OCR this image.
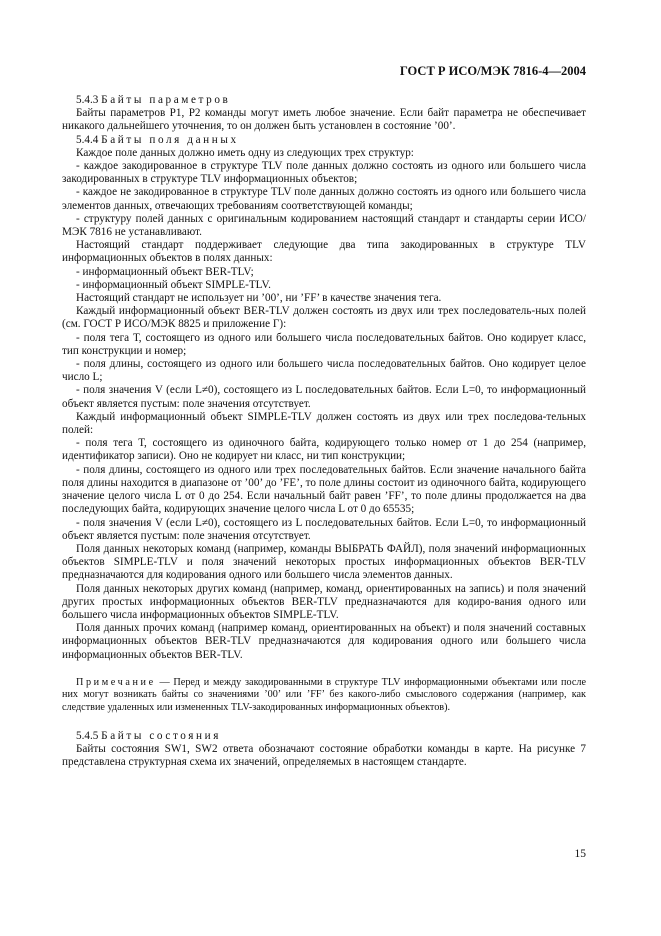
ГОСТ Р ИСО/МЭК 7816-4—2004

5.4.3 Байты параметров

Байты параметров P1, P2 команды могут иметь любое значение. Если байт параметра не обеспечивает никакого дальнейшего уточнения, то он должен быть установлен в состояние ’00’.

5.4.4 Байты поля данных

Каждое поле данных должно иметь одну из следующих трех структур:

- каждое закодированное в структуре TLV поле данных должно состоять из одного или большего числа закодированных в структуре TLV информационных объектов;

- каждое не закодированное в структуре TLV поле данных должно состоять из одного или большего числа элементов данных, отвечающих требованиям соответствующей команды;

- структуру полей данных с оригинальным кодированием настоящий стандарт и стандарты серии ИСО/МЭК 7816 не устанавливают.

Настоящий стандарт поддерживает следующие два типа закодированных в структуре TLV информационных объектов в полях данных:

- информационный объект BER-TLV;

- информационный объект SIMPLE-TLV.

Настоящий стандарт не использует ни ’00’, ни ’FF’ в качестве значения тега.

Каждый информационный объект BER-TLV должен состоять из двух или трех последователь-ных полей (см. ГОСТ Р ИСО/МЭК 8825 и приложение Г):

- поля тега Т, состоящего из одного или большего числа последовательных байтов. Оно кодирует класс, тип конструкции и номер;

- поля длины, состоящего из одного или большего числа последовательных байтов. Оно кодирует целое число L;

- поля значения V (если L≠0), состоящего из L последовательных байтов. Если L=0, то информационный объект является пустым: поле значения отсутствует.

Каждый информационный объект SIMPLE-TLV должен состоять из двух или трех последова-тельных полей:

- поля тега Т, состоящего из одиночного байта, кодирующего только номер от 1 до 254 (например, идентификатор записи). Оно не кодирует ни класс, ни тип конструкции;

- поля длины, состоящего из одного или трех последовательных байтов. Если значение начального байта поля длины находится в диапазоне от ’00’ до ’FE’, то поле длины состоит из одиночного байта, кодирующего значение целого числа L от 0 до 254. Если начальный байт равен ’FF’, то поле длины продолжается на два последующих байта, кодирующих значение целого числа L от 0 до 65535;

- поля значения V (если L≠0), состоящего из L последовательных байтов. Если L=0, то информационный объект является пустым: поле значения отсутствует.

Поля данных некоторых команд (например, команды ВЫБРАТЬ ФАЙЛ), поля значений информационных объектов SIMPLE-TLV и поля значений некоторых простых информационных объектов BER-TLV предназначаются для кодирования одного или большего числа элементов данных.

Поля данных некоторых других команд (например, команд, ориентированных на запись) и поля значений других простых информационных объектов BER-TLV предназначаются для кодиро-вания одного или большего числа информационных объектов SIMPLE-TLV.

Поля данных прочих команд (например команд, ориентированных на объект) и поля значений составных информационных объектов BER-TLV предназначаются для кодирования одного или большего числа информационных объектов BER-TLV.

Примечание — Перед и между закодированными в структуре TLV информационными объектами или после них могут возникать байты со значениями ’00’ или ’FF’ без какого-либо смыслового содержания (например, как следствие удаленных или измененных TLV-закодированных информационных объектов).

5.4.5 Байты состояния

Байты состояния SW1, SW2 ответа обозначают состояние обработки команды в карте. На рисунке 7 представлена структурная схема их значений, определяемых в настоящем стандарте.

15
